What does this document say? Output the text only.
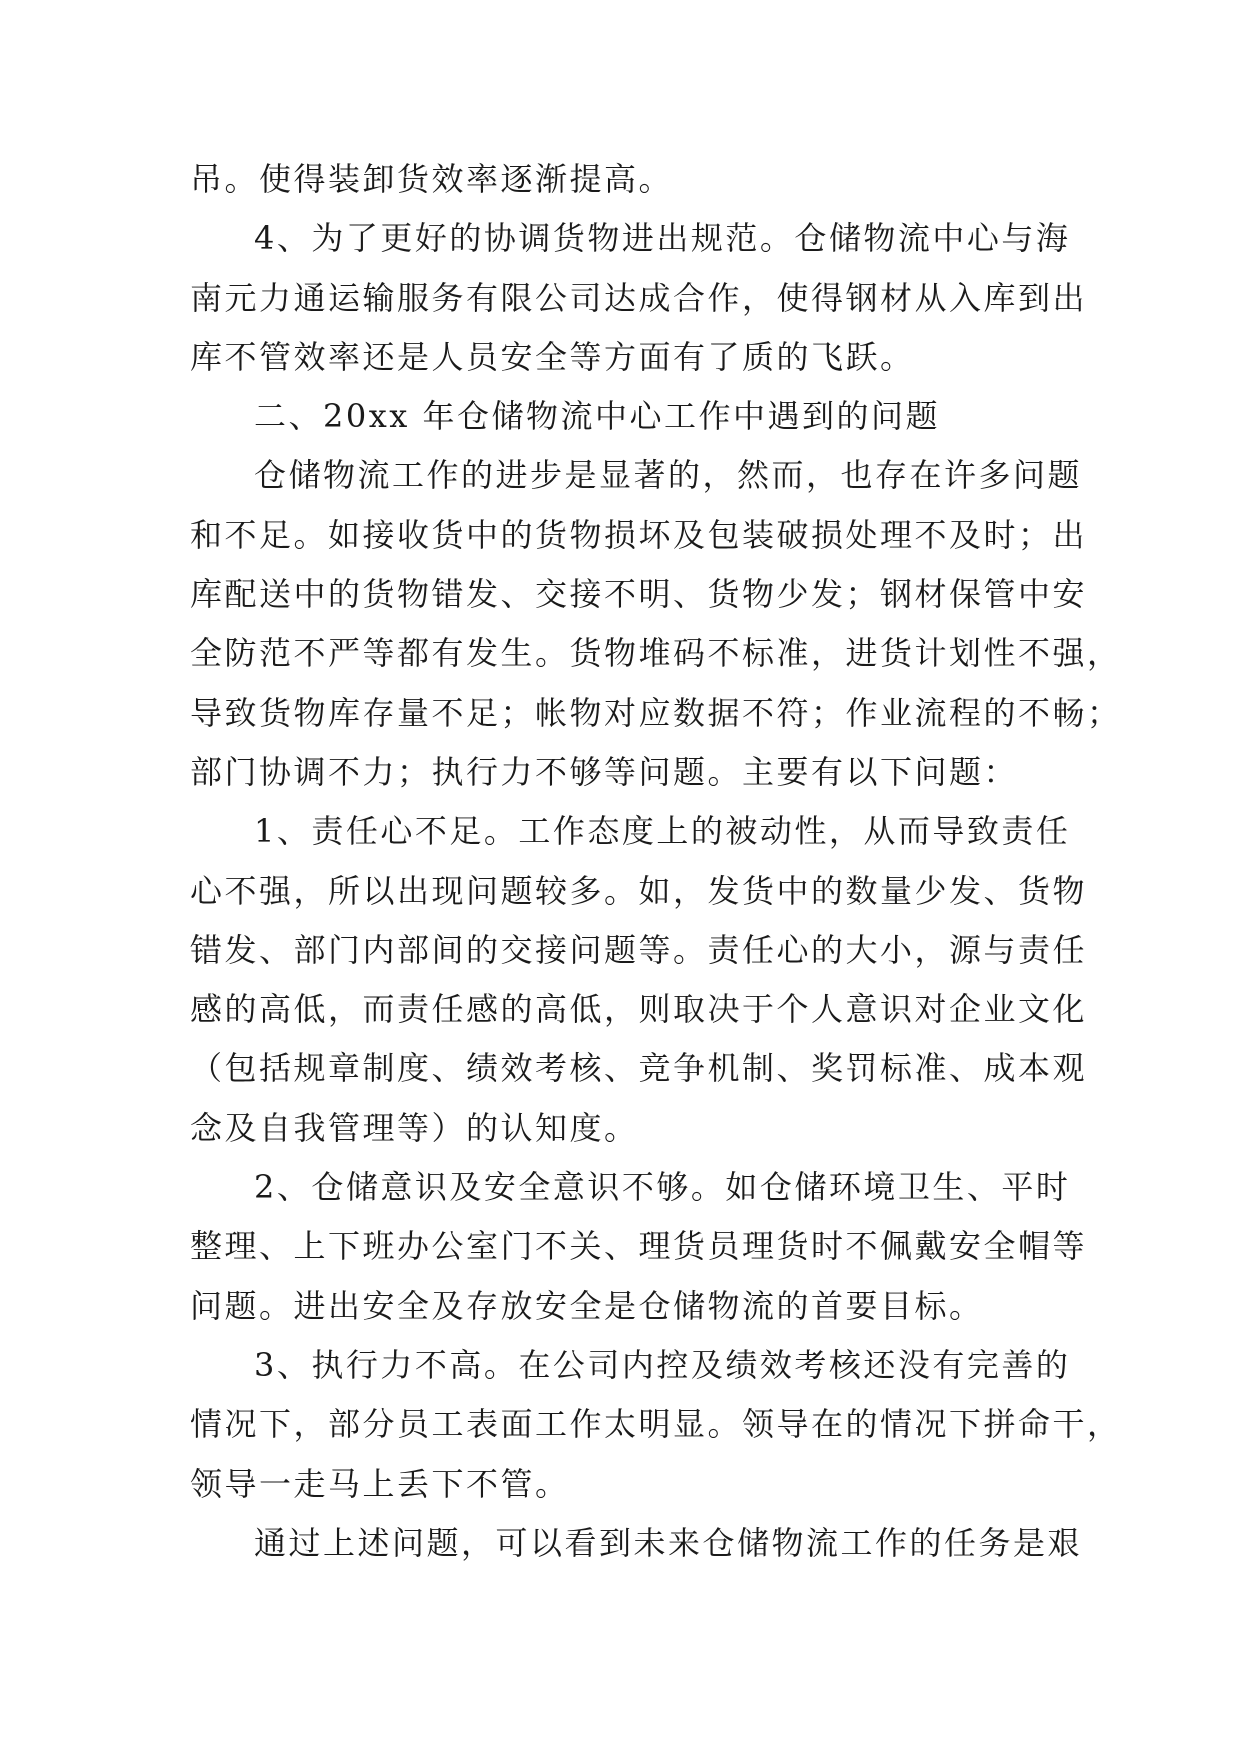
吊。使得装卸货效率逐渐提高。
4、为了更好的协调货物进出规范。仓储物流中心与海
南元力通运输服务有限公司达成合作，使得钢材从入库到出
库不管效率还是人员安全等方面有了质的飞跃。
二、20xx 年仓储物流中心工作中遇到的问题
仓储物流工作的进步是显著的，然而，也存在许多问题
和不足。如接收货中的货物损坏及包装破损处理不及时；出
库配送中的货物错发、交接不明、货物少发；钢材保管中安
全防范不严等都有发生。货物堆码不标准，进货计划性不强，
导致货物库存量不足；帐物对应数据不符；作业流程的不畅；
部门协调不力；执行力不够等问题。主要有以下问题：
1、责任心不足。工作态度上的被动性，从而导致责任
心不强，所以出现问题较多。如，发货中的数量少发、货物
错发、部门内部间的交接问题等。责任心的大小，源与责任
感的高低，而责任感的高低，则取决于个人意识对企业文化
（包括规章制度、绩效考核、竞争机制、奖罚标准、成本观
念及自我管理等）的认知度。
2、仓储意识及安全意识不够。如仓储环境卫生、平时
整理、上下班办公室门不关、理货员理货时不佩戴安全帽等
问题。进出安全及存放安全是仓储物流的首要目标。
3、执行力不高。在公司内控及绩效考核还没有完善的
情况下，部分员工表面工作太明显。领导在的情况下拼命干，
领导一走马上丢下不管。
通过上述问题，可以看到未来仓储物流工作的任务是艰
